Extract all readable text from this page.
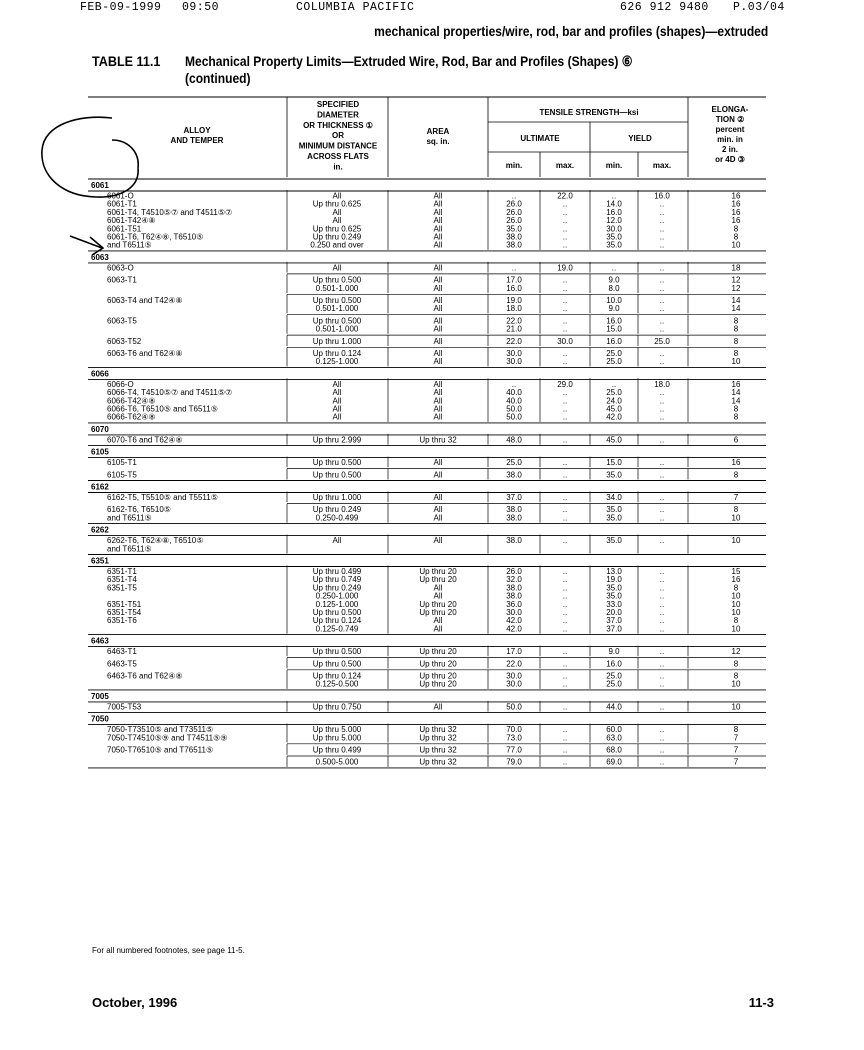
FEB-09-1999 09:50	COLUMBIA PACIFIC	626 912 9480 P.03/04
mechanical properties/wire, rod, bar and profiles (shapes)—extruded
TABLE 11.1 Mechanical Property Limits—Extruded Wire, Rod, Bar and Profiles (Shapes) ⑥
(continued)
ALLOY
AND TEMPER
SPECIFIED
DIAMETER
OR THICKNESS ①
OR
MINIMUM DISTANCE
ACROSS FLATS
in.
AREA
sq. in.
TENSILE STRENGTH—ksi
ULTIMATE	YIELD
min.	max.	min.	max.
ELONGA-
TION ②
percent
min. in
2 in.
or 4D ③
6061
6061-O	All	All	..	22.0	..	16.0	16
6061-T1	Up thru 0.625	All	26.0	..	14.0	..	16
6061-T4, T4510⑤⑦ and T4511⑤⑦	All	All	26.0	..	16.0	..	16
6061-T42④⑧	All	All	26.0	..	12.0	..	16
6061-T51	Up thru 0.625	All	35.0	..	30.0	..	8
6061-T6, T62④⑧, T6510⑤	Up thru 0.249	All	38.0	..	35.0	..	8
and T6511⑤	0.250 and over	All	38.0	..	35.0	..	10
6063
6063-O	All	All	..	19.0	..	..	18
6063-T1	Up thru 0.500	All	17.0	..	9.0	..	12
0.501-1.000	All	16.0	..	8.0	..	12
6063-T4 and T42④⑧	Up thru 0.500	All	19.0	..	10.0	..	14
0.501-1.000	All	18.0	..	9.0	..	14
6063-T5	Up thru 0.500	All	22.0	..	16.0	..	8
0.501-1.000	All	21.0	..	15.0	..	8
6063-T52	Up thru 1.000	All	22.0	30.0	16.0	25.0	8
6063-T6 and T62④⑧	Up thru 0.124	All	30.0	..	25.0	..	8
0.125-1.000	All	30.0	..	25.0	..	10
6066
6066-O	All	All	..	29.0	..	18.0	16
6066-T4, T4510⑤⑦ and T4511⑤⑦	All	All	40.0	..	25.0	..	14
6066-T42④⑧	All	All	40.0	..	24.0	..	14
6066-T6, T6510⑤ and T6511⑤	All	All	50.0	..	45.0	..	8
6066-T62④⑧	All	All	50.0	..	42.0	..	8
6070
6070-T6 and T62④⑧	Up thru 2.999	Up thru 32	48.0	..	45.0	..	6
6105
6105-T1	Up thru 0.500	All	25.0	..	15.0	..	16
6105-T5	Up thru 0.500	All	38.0	..	35.0	..	8
6162
6162-T5, T5510⑤ and T5511⑤	Up thru 1.000	All	37.0	..	34.0	..	7
6162-T6, T6510⑤	Up thru 0.249	All	38.0	..	35.0	..	8
and T6511⑤	0.250-0.499	All	38.0	..	35.0	..	10
6262
6262-T6, T62④⑧, T6510⑤	All	All	38.0	..	35.0	..	10
and T6511⑤
6351
6351-T1	Up thru 0.499	Up thru 20	26.0	..	13.0	..	15
6351-T4	Up thru 0.749	Up thru 20	32.0	..	19.0	..	16
6351-T5	Up thru 0.249	All	38.0	..	35.0	..	8
0.250-1.000	All	38.0	..	35.0	..	10
6351-T51	0.125-1.000	Up thru 20	36.0	..	33.0	..	10
6351-T54	Up thru 0.500	Up thru 20	30.0	..	20.0	..	10
6351-T6	Up thru 0.124	All	42.0	..	37.0	..	8
0.125-0.749	All	42.0	..	37.0	..	10
6463
6463-T1	Up thru 0.500	Up thru 20	17.0	..	9.0	..	12
6463-T5	Up thru 0.500	Up thru 20	22.0	..	16.0	..	8
6463-T6 and T62④⑧	Up thru 0.124	Up thru 20	30.0	..	25.0	..	8
0.125-0.500	Up thru 20	30.0	..	25.0	..	10
7005
7005-T53	Up thru 0.750	All	50.0	..	44.0	..	10
7050
7050-T73510⑤ and T73511⑤	Up thru 5.000	Up thru 32	70.0	..	60.0	..	8
7050-T74510⑤⑨ and T74511⑤⑨	Up thru 5.000	Up thru 32	73.0	..	63.0	..	7
7050-T76510⑤ and T76511⑤	Up thru 0.499	Up thru 32	77.0	..	68.0	..	7
0.500-5.000	Up thru 32	79.0	..	69.0	..	7
For all numbered footnotes, see page 11-5.
October, 1996	11-3
